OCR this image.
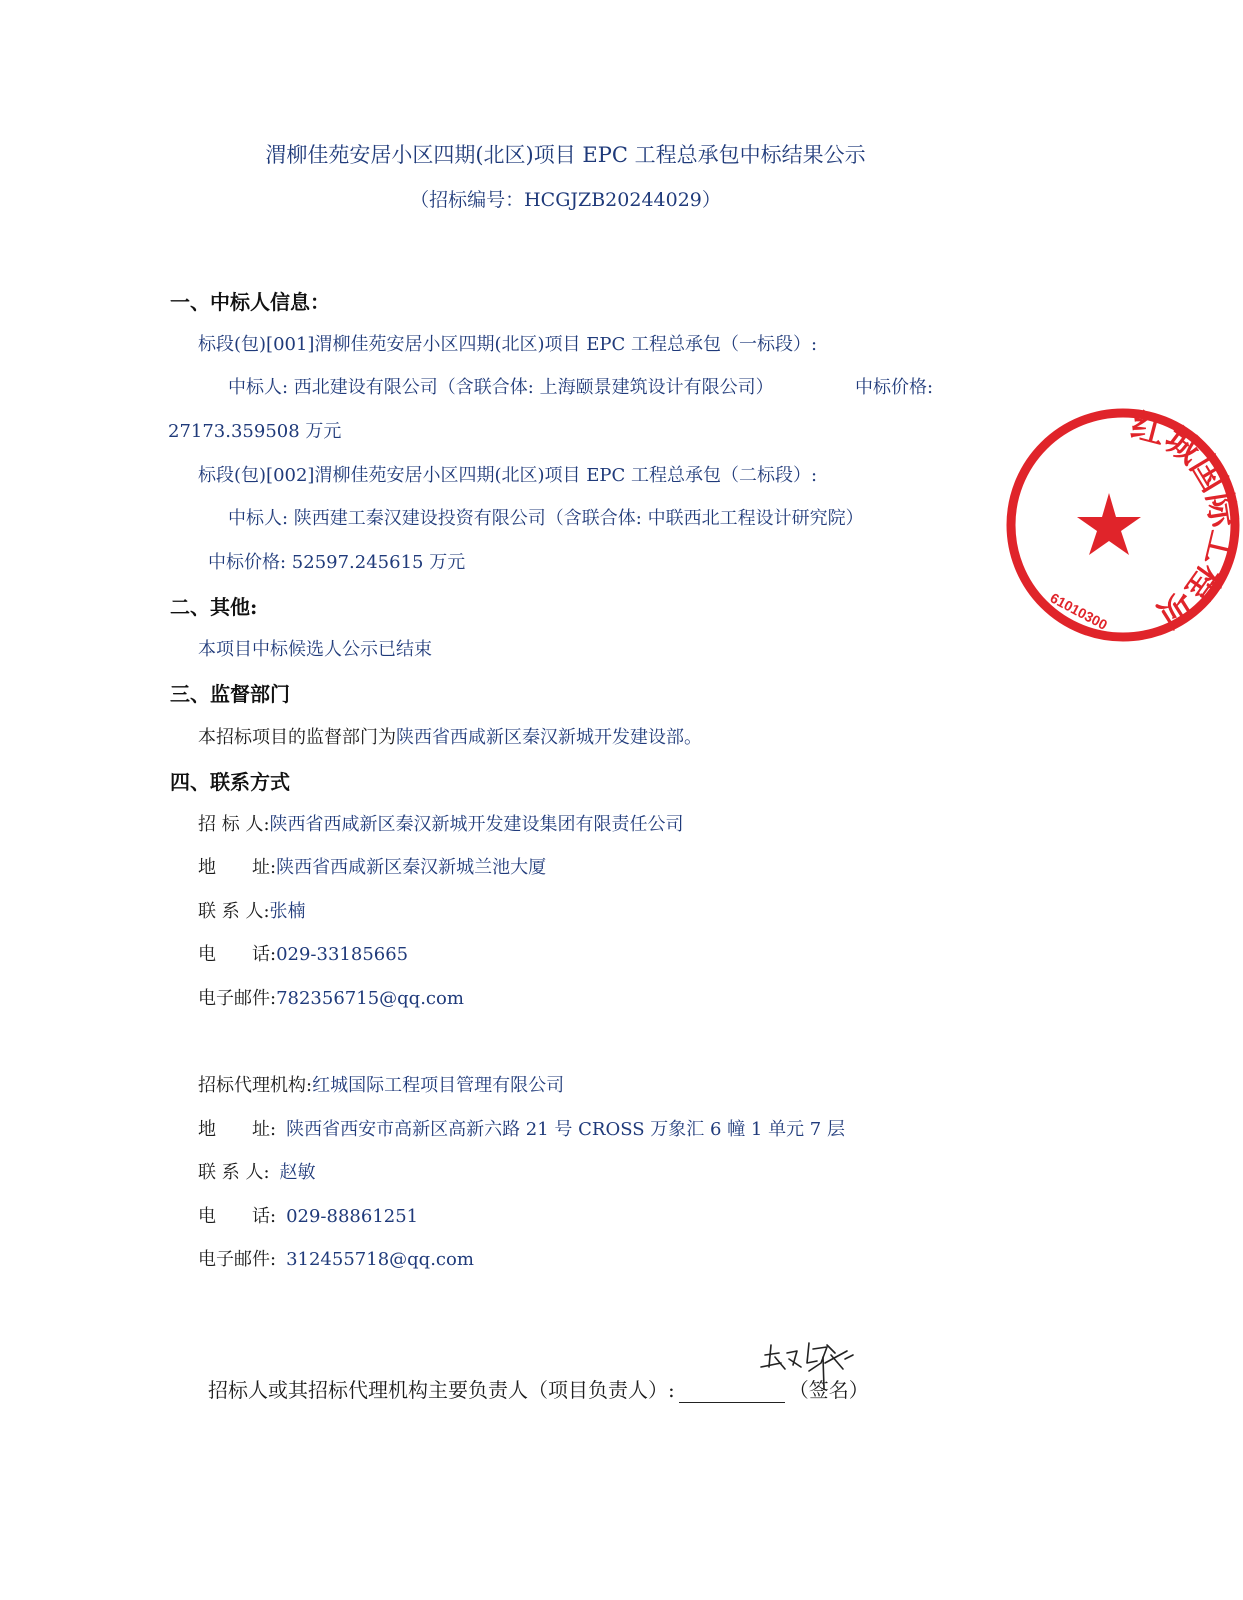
渭柳佳苑安居小区四期(北区)项目 EPC 工程总承包中标结果公示
（招标编号：HCGJZB20244029）
一、中标人信息：
标段(包)[001]渭柳佳苑安居小区四期(北区)项目 EPC 工程总承包（一标段）:
中标人: 西北建设有限公司（含联合体: 上海颐景建筑设计有限公司）	中标价格:
27173.359508 万元
标段(包)[002]渭柳佳苑安居小区四期(北区)项目 EPC 工程总承包（二标段）:
中标人: 陕西建工秦汉建设投资有限公司（含联合体: 中联西北工程设计研究院）
中标价格: 52597.245615 万元
二、其他:
本项目中标候选人公示已结束
三、监督部门
本招标项目的监督部门为陕西省西咸新区秦汉新城开发建设部。
四、联系方式
招 标 人:陕西省西咸新区秦汉新城开发建设集团有限责任公司
地　　址:陕西省西咸新区秦汉新城兰池大厦
联 系 人:张楠
电　　话:029-33185665
电子邮件:782356715@qq.com
招标代理机构:红城国际工程项目管理有限公司
地　　址: 陕西省西安市高新区高新六路 21 号 CROSS 万象汇 6 幢 1 单元 7 层
联 系 人: 赵敏
电　　话: 029-88861251
电子邮件: 312455718@qq.com
招标人或其招标代理机构主要负责人（项目负责人）:	（签名）
红城国际工程项
61010300
